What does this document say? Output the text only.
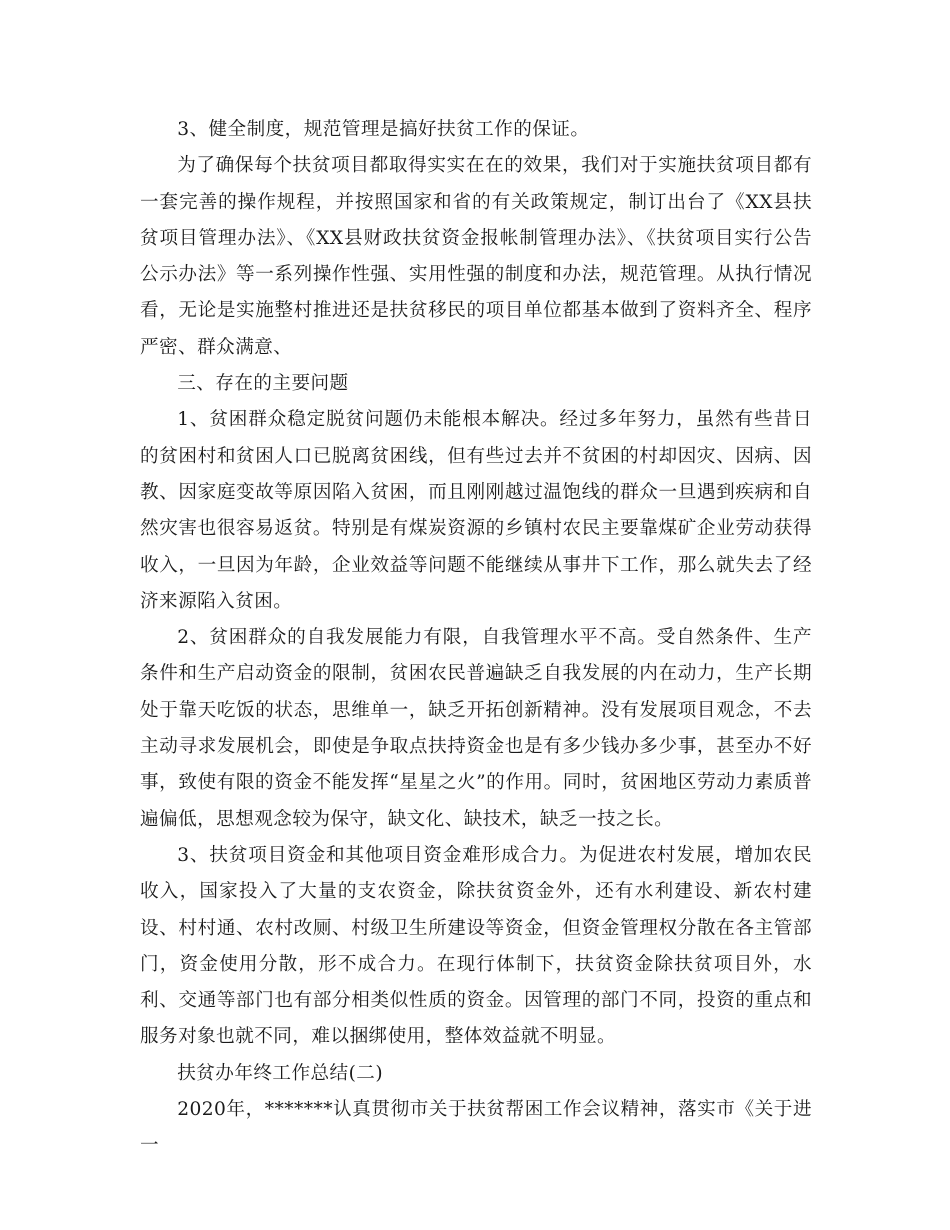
3、健全制度，规范管理是搞好扶贫工作的保证。

为了确保每个扶贫项目都取得实实在在的效果，我们对于实施扶贫项目都有一套完善的操作规程，并按照国家和省的有关政策规定，制订出台了《XX县扶贫项目管理办法》、《XX县财政扶贫资金报帐制管理办法》、《扶贫项目实行公告公示办法》等一系列操作性强、实用性强的制度和办法，规范管理。从执行情况看，无论是实施整村推进还是扶贫移民的项目单位都基本做到了资料齐全、程序严密、群众满意、

三、存在的主要问题

1、贫困群众稳定脱贫问题仍未能根本解决。经过多年努力，虽然有些昔日的贫困村和贫困人口已脱离贫困线，但有些过去并不贫困的村却因灾、因病、因教、因家庭变故等原因陷入贫困，而且刚刚越过温饱线的群众一旦遇到疾病和自然灾害也很容易返贫。特别是有煤炭资源的乡镇村农民主要靠煤矿企业劳动获得收入，一旦因为年龄，企业效益等问题不能继续从事井下工作，那么就失去了经济来源陷入贫困。

2、贫困群众的自我发展能力有限，自我管理水平不高。受自然条件、生产条件和生产启动资金的限制，贫困农民普遍缺乏自我发展的内在动力，生产长期处于靠天吃饭的状态，思维单一，缺乏开拓创新精神。没有发展项目观念，不去主动寻求发展机会，即使是争取点扶持资金也是有多少钱办多少事，甚至办不好事，致使有限的资金不能发挥“星星之火”的作用。同时，贫困地区劳动力素质普遍偏低，思想观念较为保守，缺文化、缺技术，缺乏一技之长。

3、扶贫项目资金和其他项目资金难形成合力。为促进农村发展，增加农民收入，国家投入了大量的支农资金，除扶贫资金外，还有水利建设、新农村建设、村村通、农村改厕、村级卫生所建设等资金，但资金管理权分散在各主管部门，资金使用分散，形不成合力。在现行体制下，扶贫资金除扶贫项目外，水利、交通等部门也有部分相类似性质的资金。因管理的部门不同，投资的重点和服务对象也就不同，难以捆绑使用，整体效益就不明显。

扶贫办年终工作总结(二)

2020年，*******认真贯彻市关于扶贫帮困工作会议精神，落实市《关于进一
